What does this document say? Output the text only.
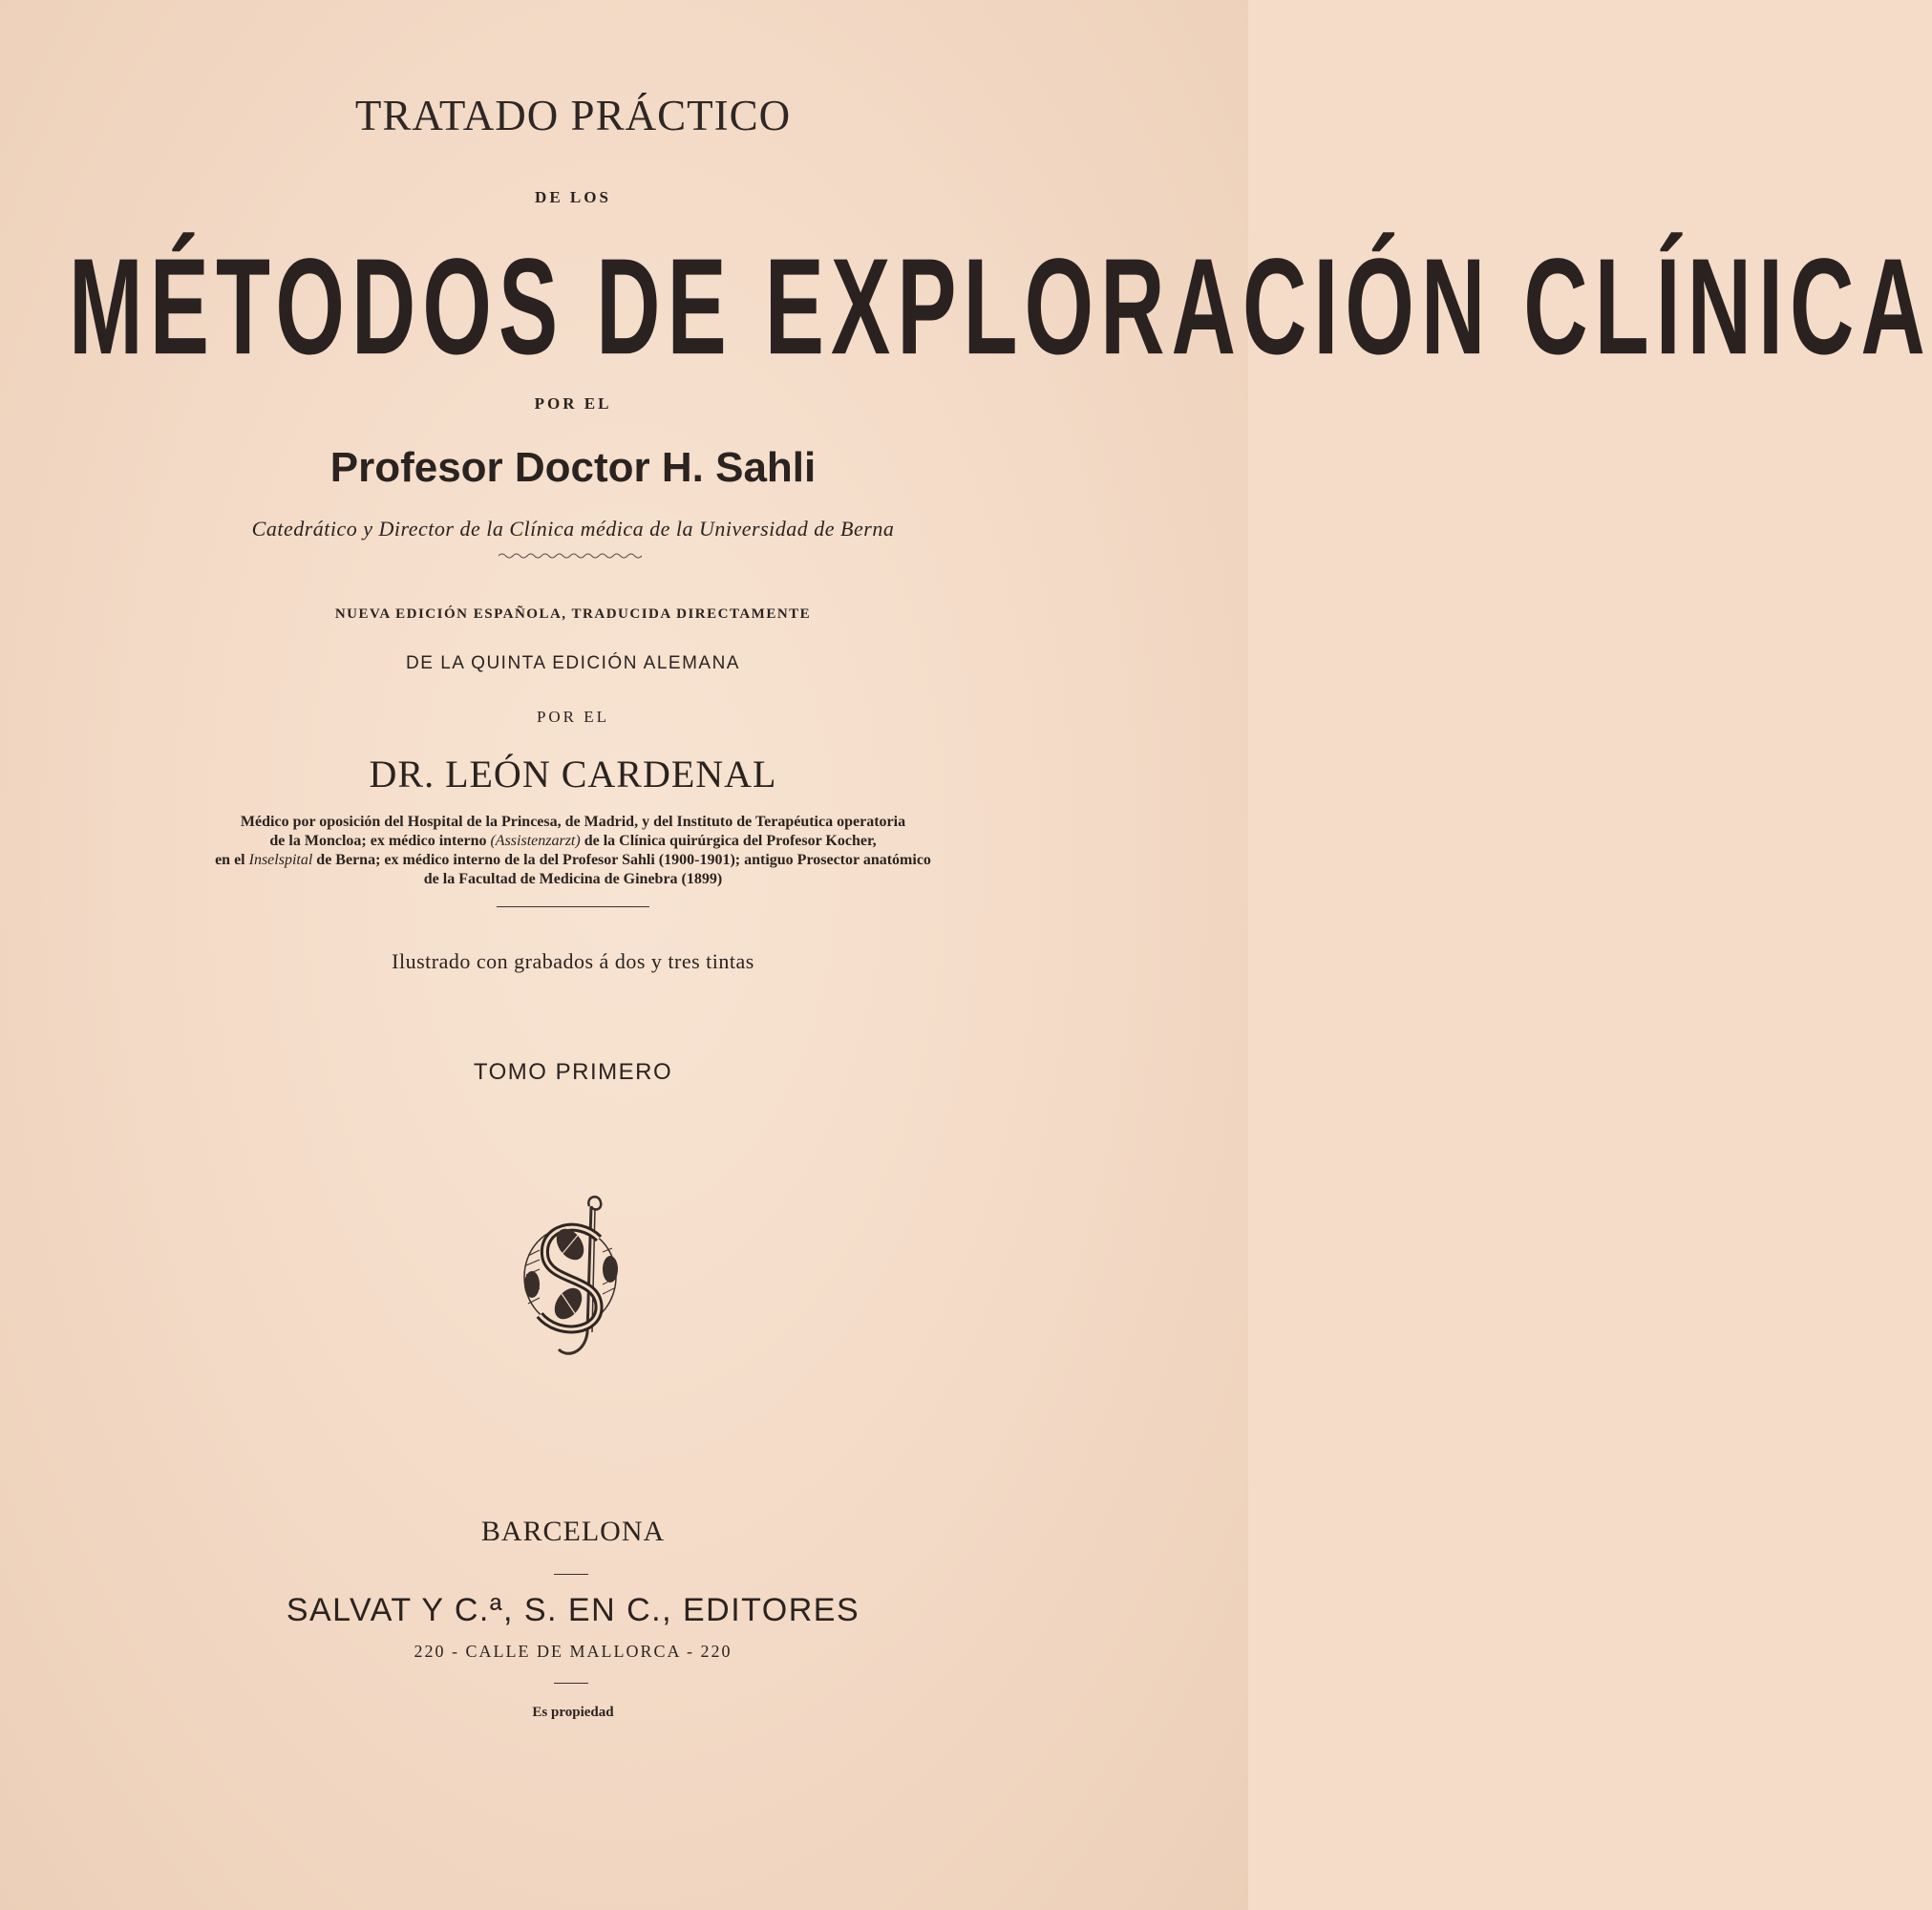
TRATADO PRÁCTICO
DE LOS
MÉTODOS DE EXPLORACIÓN CLÍNICA
POR EL
Profesor Doctor H. Sahli
Catedrático y Director de la Clínica médica de la Universidad de Berna
NUEVA EDICIÓN ESPAÑOLA, TRADUCIDA DIRECTAMENTE
DE LA QUINTA EDICIÓN ALEMANA
POR EL
DR. LEÓN CARDENAL
Médico por oposición del Hospital de la Princesa, de Madrid, y del Instituto de Terapéutica operatoria
de la Moncloa; ex médico interno (Assistenzarzt) de la Clínica quirúrgica del Profesor Kocher,
en el Inselspital de Berna; ex médico interno de la del Profesor Sahli (1900-1901); antiguo Prosector anatómico
de la Facultad de Medicina de Ginebra (1899)
Ilustrado con grabados á dos y tres tintas
TOMO PRIMERO
BARCELONA
SALVAT Y C.ª, S. EN C., EDITORES
220 - CALLE DE MALLORCA - 220
Es propiedad
